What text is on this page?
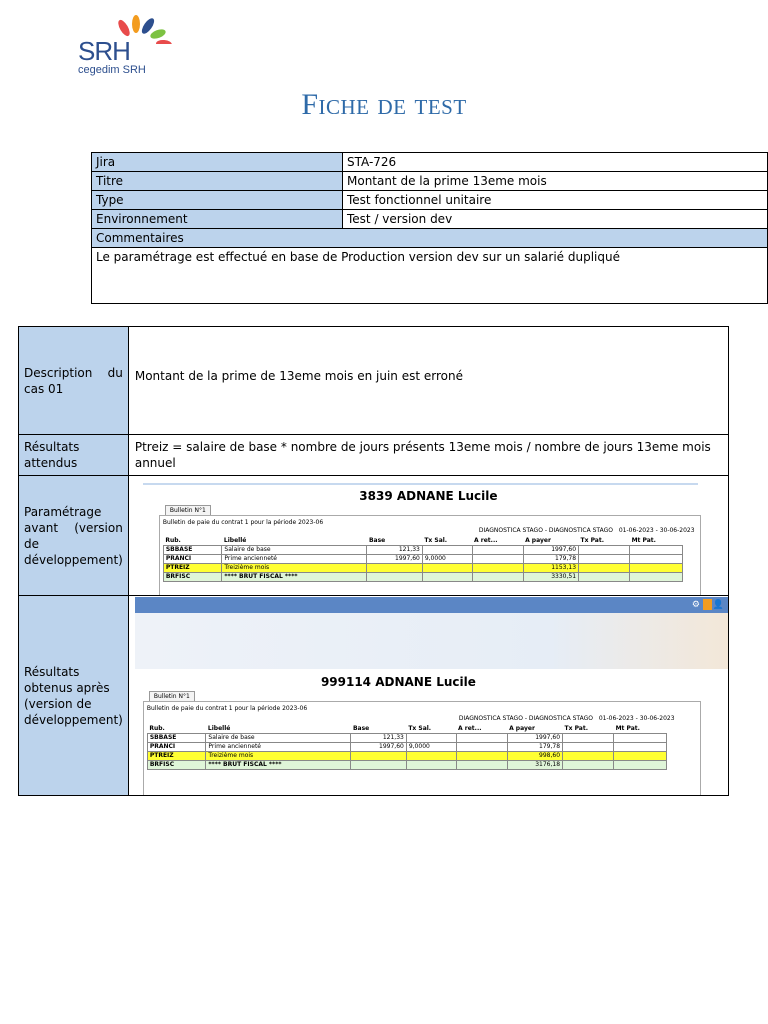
SRH
cegedim SRH
Fiche de test
Jira	STA-726
Titre	Montant de la prime 13eme mois
Type	Test fonctionnel unitaire
Environnement	Test / version dev
Commentaires	
Le paramétrage est effectué en base de Production version dev sur un salarié dupliqué	
Description du cas 01	Montant de la prime de 13eme mois en juin est erroné
Résultats attendus	Ptreiz = salaire de base * nombre de jours présents 13eme mois / nombre de jours 13eme mois annuel
Paramétrage avant (version de développement)	
3839 ADNANE Lucile
Bulletin N°1
Bulletin de paie du contrat 1 pour la période 2023-06
DIAGNOSTICA STAGO - DIAGNOSTICA STAGO 01-06-2023 - 30-06-2023
Rub.	Libellé	Base	Tx Sal.	A ret...	A payer	Tx Pat.	Mt Pat.
SBBASE	Salaire de base	121,33			1997,60		
PRANCI	Prime ancienneté	1997,60	9,0000		179,78		
PTREIZ	Treizième mois				1153,13		
BRFISC	**** BRUT FISCAL ****				3330,51		

Résultats obtenus après (version de développement)	
⚙ 👤
999114 ADNANE Lucile
Bulletin N°1
Bulletin de paie du contrat 1 pour la période 2023-06
DIAGNOSTICA STAGO - DIAGNOSTICA STAGO 01-06-2023 - 30-06-2023
Rub.	Libellé	Base	Tx Sal.	A ret...	A payer	Tx Pat.	Mt Pat.
SBBASE	Salaire de base	121,33			1997,60		
PRANCI	Prime ancienneté	1997,60	9,0000		179,78		
PTREIZ	Treizième mois				998,60		
BRFISC	**** BRUT FISCAL ****				3176,18		
